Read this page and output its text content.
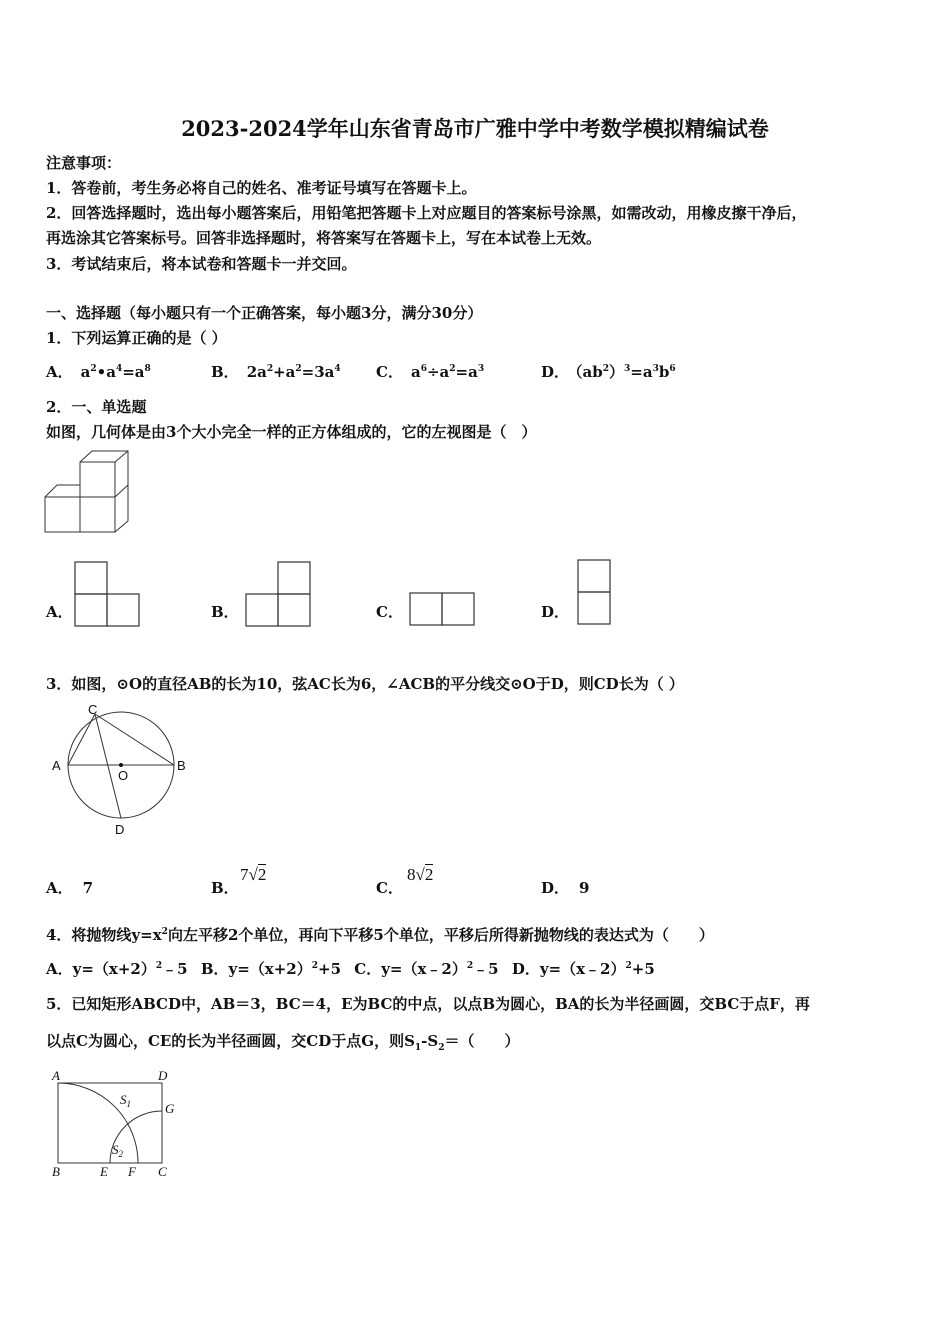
2023-2024学年山东省青岛市广雅中学中考数学模拟精编试卷
注意事项：
1．答卷前，考生务必将自己的姓名、准考证号填写在答题卡上。
2．回答选择题时，选出每小题答案后，用铅笔把答题卡上对应题目的答案标号涂黑，如需改动，用橡皮擦干净后，
再选涂其它答案标号。回答非选择题时，将答案写在答题卡上，写在本试卷上无效。
3．考试结束后，将本试卷和答题卡一并交回。
一、选择题（每小题只有一个正确答案，每小题3分，满分30分）
1．下列运算正确的是（ ）
A． $a^2•a^4=a^8$	B． $2a^2+a^2=3a^4$ C． $a^6\div a^2=a^3$	D． $(ab^2)^3=a^3b^6$
2．一、单选题
如图，几何体是由3个大小完全一样的正方体组成的，它的左视图是（　）
A．	B．	C．	D．
3．如图，⊙O的直径AB的长为10，弦AC长为6，∠ACB的平分线交⊙O于D，则CD长为（ ）
C
A
O
B
D
A． 7	B．
7√2
C．
8√2
D． 9
4．将抛物线$y=x^2$向左平移2个单位，再向下平移5个单位，平移后所得新抛物线的表达式为（　　）
A．$y=(x+2)^2﹣5$ B．$y=(x+2)^2+5$ C．y=（x﹣2）$^2$﹣5 D．y=（x﹣2）$^2$+5
5．已知矩形ABCD中，AB＝3，BC＝4，E为BC的中点，以点B为圆心，BA的长为半径画圆，交BC于点F，再
以点C为圆心，CE的长为半径画圆，交CD于点G，则$S_1-S_2=$（　　）
A	D
G
B	E F C
$S_1$
$S_2$
